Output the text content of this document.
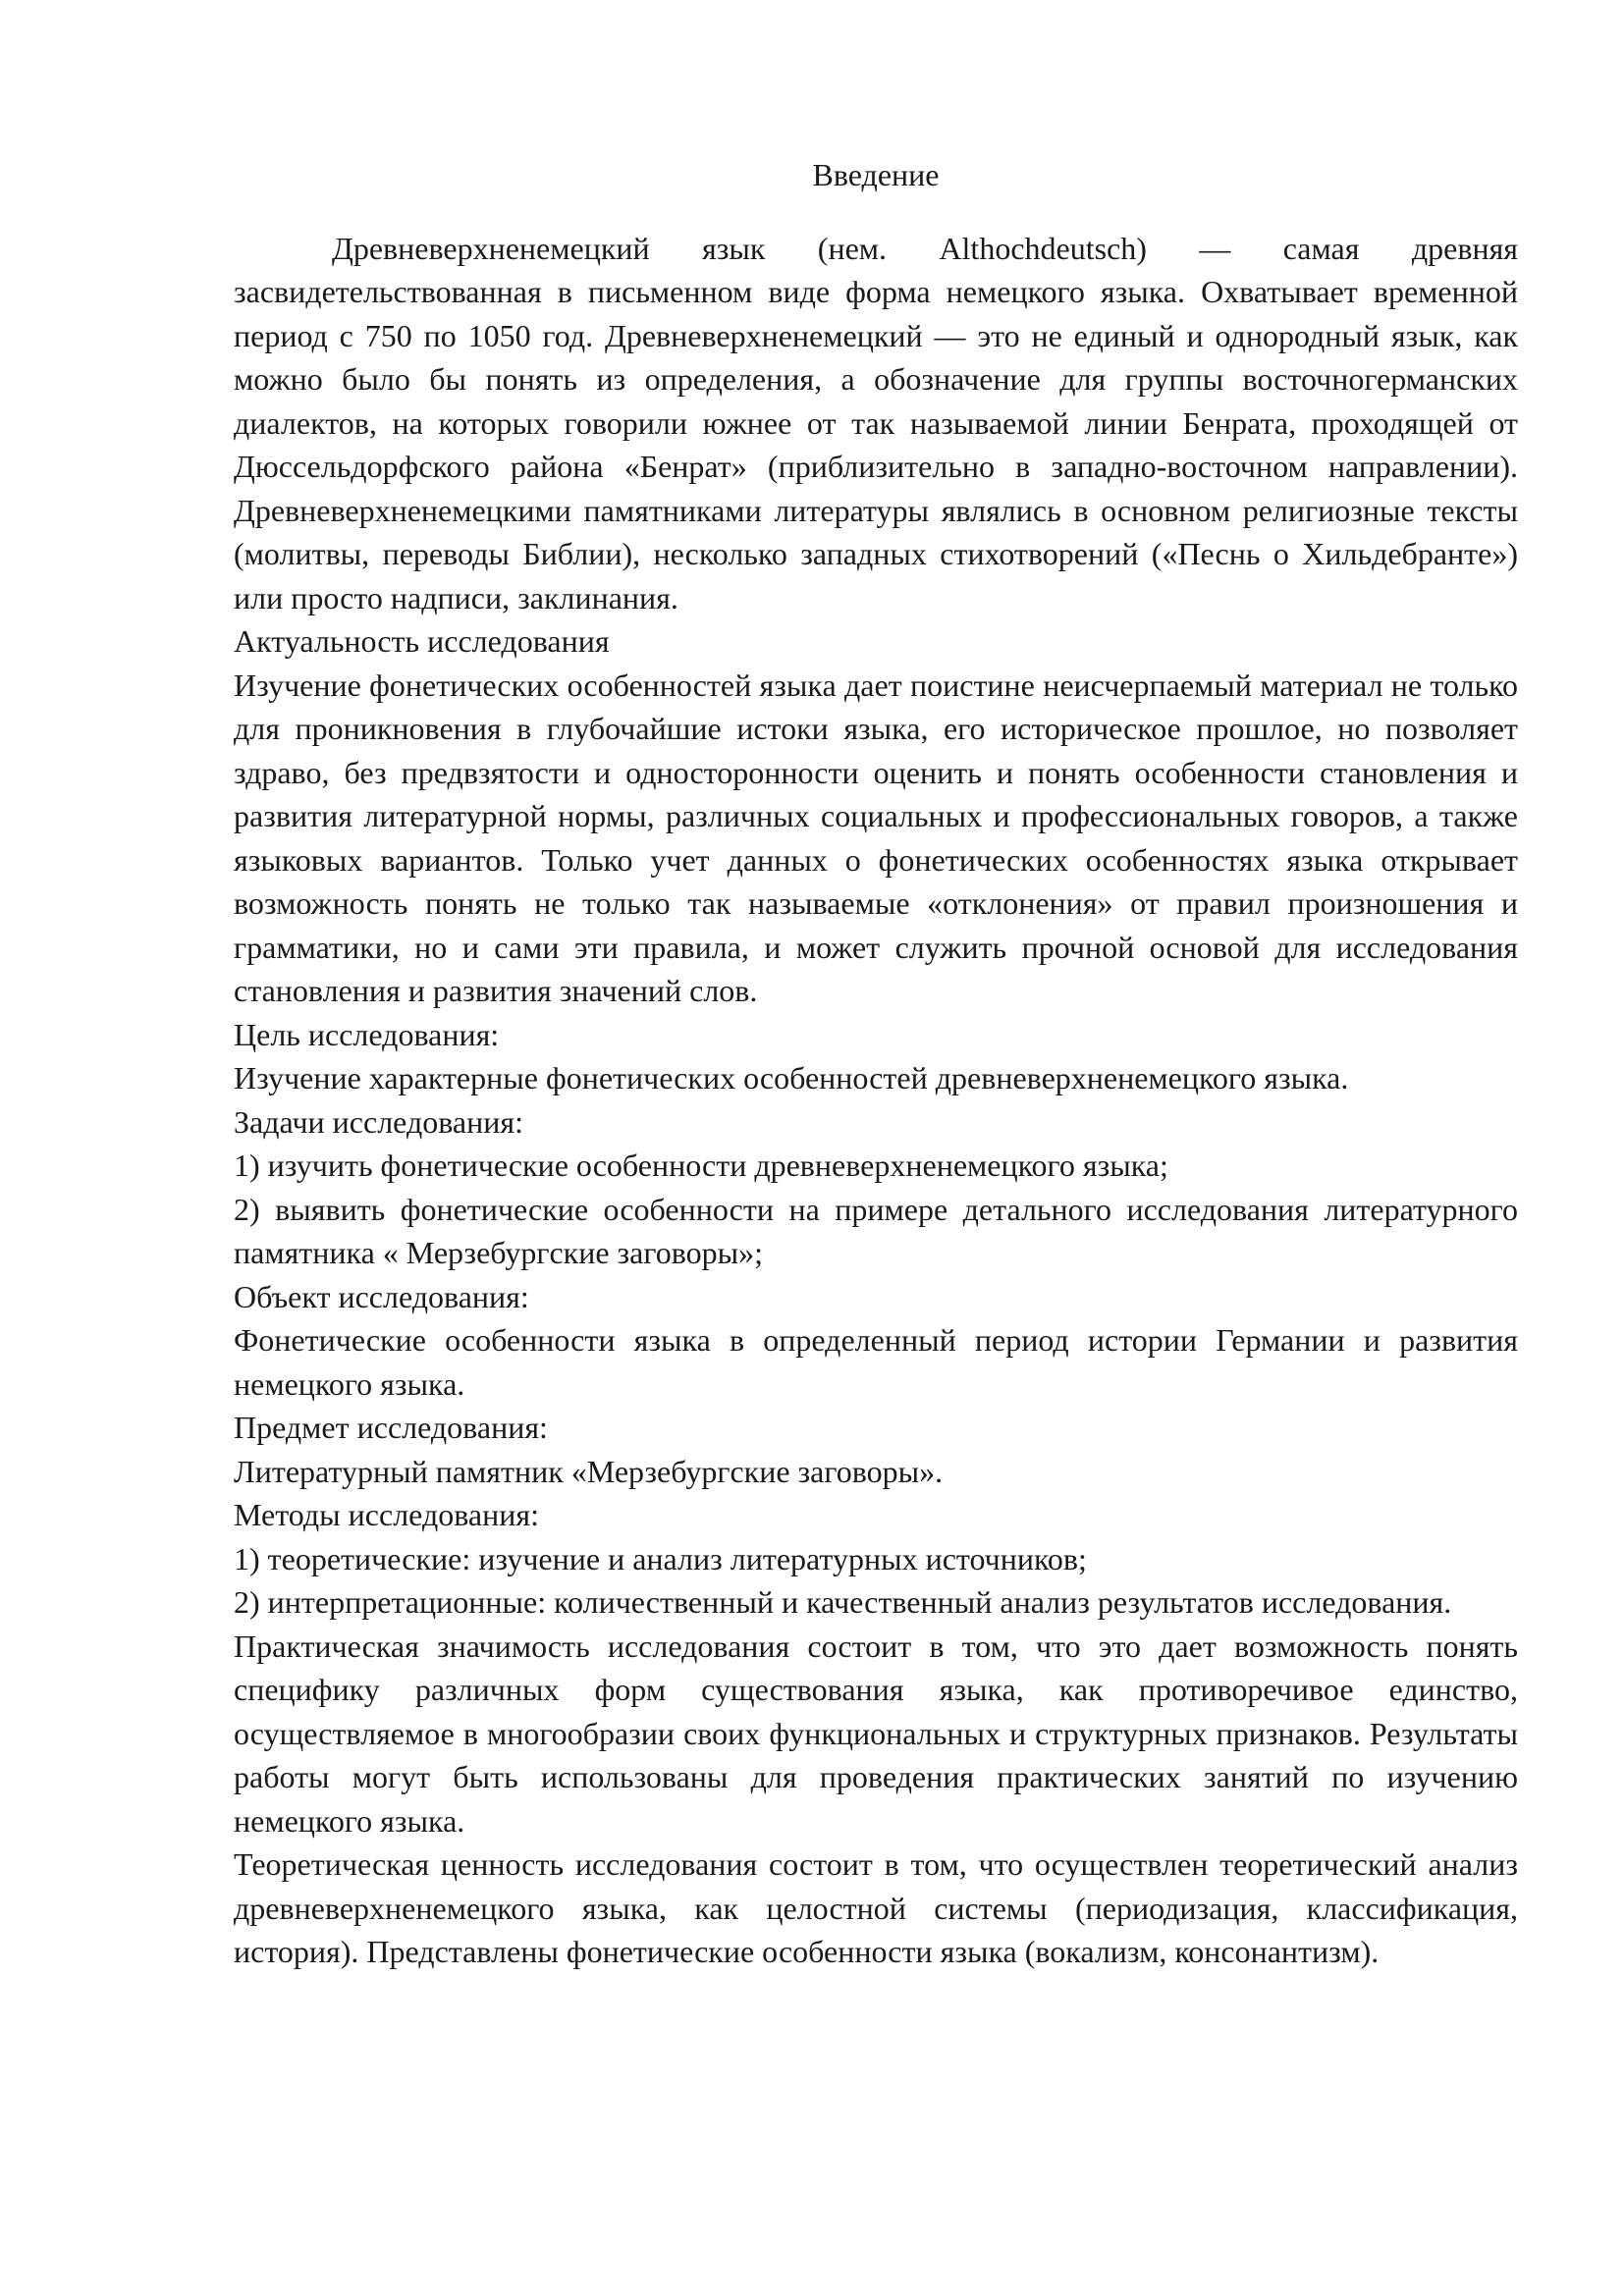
Введение

Древневерхненемецкий язык (нем. Althochdeutsch) — самая древняя засвидетельствованная в письменном виде форма немецкого языка. Охватывает временной период с 750 по 1050 год. Древневерхненемецкий — это не единый и однородный язык, как можно было бы понять из определения, а обозначение для группы восточногерманских диалектов, на которых говорили южнее от так называемой линии Бенрата, проходящей от Дюссельдорфского района «Бенрат» (приблизительно в западно-восточном направлении). Древневерхненемецкими памятниками литературы являлись в основном религиозные тексты (молитвы, переводы Библии), несколько западных стихотворений («Песнь о Хильдебранте») или просто надписи, заклинания.

Актуальность исследования

Изучение фонетических особенностей языка дает поистине неисчерпаемый материал не только для проникновения в глубочайшие истоки языка, его историческое прошлое, но позволяет здраво, без предвзятости и односторонности оценить и понять особенности становления и развития литературной нормы, различных социальных и профессиональных говоров, а также языковых вариантов. Только учет данных о фонетических особенностях языка открывает возможность понять не только так называемые «отклонения» от правил произношения и грамматики, но и сами эти правила, и может служить прочной основой для исследования становления и развития значений слов.

Цель исследования:

Изучение характерные фонетических особенностей древневерхненемецкого языка.

Задачи исследования:

1) изучить фонетические особенности древневерхненемецкого языка;

2) выявить фонетические особенности на примере детального исследования литературного памятника « Мерзебургские заговоры»;

Объект исследования:

Фонетические особенности языка в определенный период истории Германии и развития немецкого языка.

Предмет исследования:

Литературный памятник «Мерзебургские заговоры».

Методы исследования:

1) теоретические: изучение и анализ литературных источников;

2) интерпретационные: количественный и качественный анализ результатов исследования.

Практическая значимость исследования состоит в том, что это дает возможность понять специфику различных форм существования языка, как противоречивое единство, осуществляемое в многообразии своих функциональных и структурных признаков. Результаты работы могут быть использованы для проведения практических занятий по изучению немецкого языка.

Теоретическая ценность исследования состоит в том, что осуществлен теоретический анализ древневерхненемецкого языка, как целостной системы (периодизация, классификация, история). Представлены фонетические особенности языка (вокализм, консонантизм).
